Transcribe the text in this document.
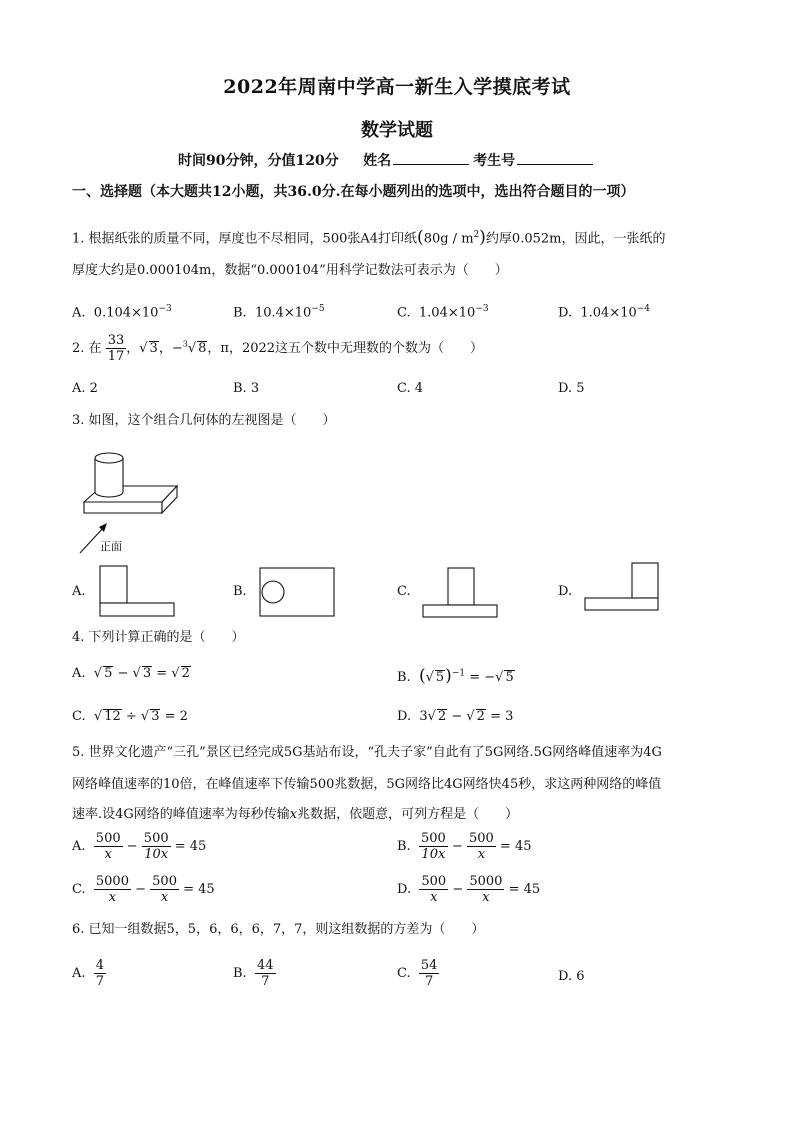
2022年周南中学高一新生入学摸底考试
数学试题
时间90分钟，分值120分 姓名	考生号
一、选择题（本大题共12小题，共36.0分.在每小题列出的选项中，选出符合题目的一项）
1. 根据纸张的质量不同，厚度也不尽相同，500张A4打印纸$(80g / m^2)$约厚0.052m，因此，一张纸的
厚度大约是0.000104m，数据“0.000104”用科学记数法可表示为（　　）
A. $0.104\times 10^{-3}$	B. $10.4\times 10^{-5}$	C. $1.04\times 10^{-3}$	D. $1.04\times 10^{-4}$
2. 在 $\frac{33}{17}$ ，√ 3，−$^3$√ 8，π，2022这五个数中无理数的个数为（　　）
A. 2	B. 3	C. 4	D. 5
3. 如图，这个组合几何体的左视图是（　　）
正面
A.	B.	C.	D.
4. 下列计算正确的是（　　）
A.  √ 5 − √ 3 = √ 2	B. (√ 5)$^{-1}$ = −√ 5
C.  √ 12 ÷ √ 3 = 2	D.  3√ 2 − √ 2 = 3
5. 世界文化遗产“三孔”景区已经完成5G基站布设，“孔夫子家”自此有了5G网络.5G网络峰值速率为4G
网络峰值速率的10倍，在峰值速率下传输500兆数据，5G网络比4G网络快45秒，求这两种网络的峰值
速率.设4G网络的峰值速率为每秒传输x兆数据，依题意，可列方程是（　　）
A. $\frac{500}{x} - \frac{500}{10x} = 45$	B. $\frac{500}{10x} - \frac{500}{x} = 45$
C. $\frac{5000}{x} - \frac{500}{x} = 45$	D. $\frac{500}{x} - \frac{5000}{x} = 45$
6. 已知一组数据5，5，6，6，6，7，7，则这组数据的方差为（　　）
A. $\frac{4}{7}$	B. $\frac{44}{7}$	C. $\frac{54}{7}$	D. 6
